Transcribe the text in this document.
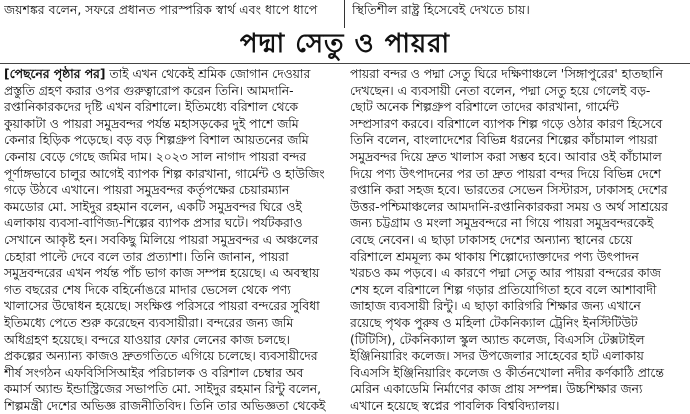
জয়শঙ্কর বলেন, সফরে প্রধানত পারস্পরিক স্বার্থ এবং ধাপে ধাপে	স্থিতিশীল রাষ্ট্র হিসেবেই দেখতে চায়।
পদ্মা সেতু ও পায়রা
[পেছনের পৃষ্ঠার পর] তাই এখন থেকেই শ্রমিক জোগান দেওয়ার
প্রস্তুতি গ্রহণ করার ওপর গুরুত্বারোপ করেন তিনি। আমদানি-
রপ্তানিকারকদের দৃষ্টি এখন বরিশালে। ইতিমধ্যে বরিশাল থেকে
কুয়াকাটা ও পায়রা সমুদ্রবন্দর পর্যন্ত মহাসড়কের দুই পাশে জমি
কেনার হিড়িক পড়েছে। বড় বড় শিল্পগ্রুপ বিশাল আয়তনের জমি
কেনায় বেড়ে গেছে জমির দাম। ২০২৩ সাল নাগাদ পায়রা বন্দর
পূর্ণাঙ্গভাবে চালুর আগেই ব্যাপক শিল্প কারখানা, গার্মেন্ট ও হাউজিং
গড়ে উঠবে এখানে। পায়রা সমুদ্রবন্দর কর্তৃপক্ষের চেয়ারম্যান
কমডোর মো. সাইদুর রহমান বলেন, একটি সমুদ্রবন্দর ঘিরে ওই
এলাকায় ব্যবসা-বাণিজ্য-শিল্পের ব্যাপক প্রসার ঘটে। পর্যটকরাও
সেখানে আকৃষ্ট হন। সবকিছু মিলিয়ে পায়রা সমুদ্রবন্দর এ অঞ্চলের
চেহারা পাল্টে দেবে বলে তার প্রত্যাশা। তিনি জানান, পায়রা
সমুদ্রবন্দরের এখন পর্যন্ত পাঁচ ভাগ কাজ সম্পন্ন হয়েছে। এ অবস্থায়
গত বছরের শেষ দিকে বহির্নোঙরে মাদার ভেসেল থেকে পণ্য
খালাসের উদ্বোধন হয়েছে। সংক্ষিপ্ত পরিসরে পায়রা বন্দরের সুবিধা
ইতিমধ্যে পেতে শুরু করেছেন ব্যবসায়ীরা। বন্দরের জন্য জমি
অধিগ্রহণ হয়েছে। বন্দরে যাওয়ার ফোর লেনের কাজ চলছে।
প্রকল্পের অন্যান্য কাজও দ্রুতগতিতে এগিয়ে চলেছে। ব্যবসায়ীদের
শীর্ষ সংগঠন এফবিসিসিআইর পরিচালক ও বরিশাল চেম্বার অব
কমার্স অ্যান্ড ইন্ডাস্ট্রিজের সভাপতি মো. সাইদুর রহমান রিন্টু বলেন,
শিল্পমন্ত্রী দেশের অভিজ্ঞ রাজনীতিবিদ। তিনি তার অভিজ্ঞতা থেকেই
পায়রা বন্দর ও পদ্মা সেতু ঘিরে দক্ষিণাঞ্চলে 'সিঙ্গাপুরের' হাতছানি
দেখছেন। এ ব্যবসায়ী নেতা বলেন, পদ্মা সেতু হয়ে গেলেই বড়-
ছোট অনেক শিল্পগ্রুপ বরিশালে তাদের কারখানা, গার্মেন্ট
সম্প্রসারণ করবে। বরিশালে ব্যাপক শিল্প গড়ে ওঠার কারণ হিসেবে
তিনি বলেন, বাংলাদেশের বিভিন্ন ধরনের শিল্পের কাঁচামাল পায়রা
সমুদ্রবন্দর দিয়ে দ্রুত খালাস করা সম্ভব হবে। আবার ওই কাঁচামাল
দিয়ে পণ্য উৎপাদনের পর তা দ্রুত পায়রা বন্দর দিয়ে বিভিন্ন দেশে
রপ্তানি করা সহজ হবে। ভারতের সেভেন সিস্টারস, ঢাকাসহ দেশের
উত্তর-পশ্চিমাঞ্চলের আমদানি-রপ্তানিকারকরা সময় ও অর্থ সাশ্রয়ের
জন্য চট্টগ্রাম ও মংলা সমুদ্রবন্দরে না গিয়ে পায়রা সমুদ্রবন্দরকেই
বেছে নেবেন। এ ছাড়া ঢাকাসহ দেশের অন্যান্য স্থানের চেয়ে
বরিশালে শ্রমমূল্য কম থাকায় শিল্পোদ্যোক্তাদের পণ্য উৎপাদন
খরচও কম পড়বে। এ কারণে পদ্মা সেতু আর পায়রা বন্দরের কাজ
শেষ হলে বরিশালে শিল্প গড়ার প্রতিযোগিতা হবে বলে আশাবাদী
জাহাজ ব্যবসায়ী রিন্টু। এ ছাড়া কারিগরি শিক্ষার জন্য এখানে
রয়েছে পৃথক পুরুষ ও মহিলা টেকনিক্যাল ট্রেনিং ইনস্টিটিউট
(টিটিসি), টেকনিক্যাল স্কুল অ্যান্ড কলেজ, বিএসসি টেক্সটাইল
ইঞ্জিনিয়ারিং কলেজ। সদর উপজেলার সাহেবের হাট এলাকায়
বিএসসি ইঞ্জিনিয়ারিং কলেজ ও কীর্তনখোলা নদীর কর্ণকাঠি প্রান্তে
মেরিন একাডেমি নির্মাণের কাজ প্রায় সম্পন্ন। উচ্চশিক্ষার জন্য
এখানে হয়েছে স্বপ্নের পাবলিক বিশ্ববিদ্যালয়।
